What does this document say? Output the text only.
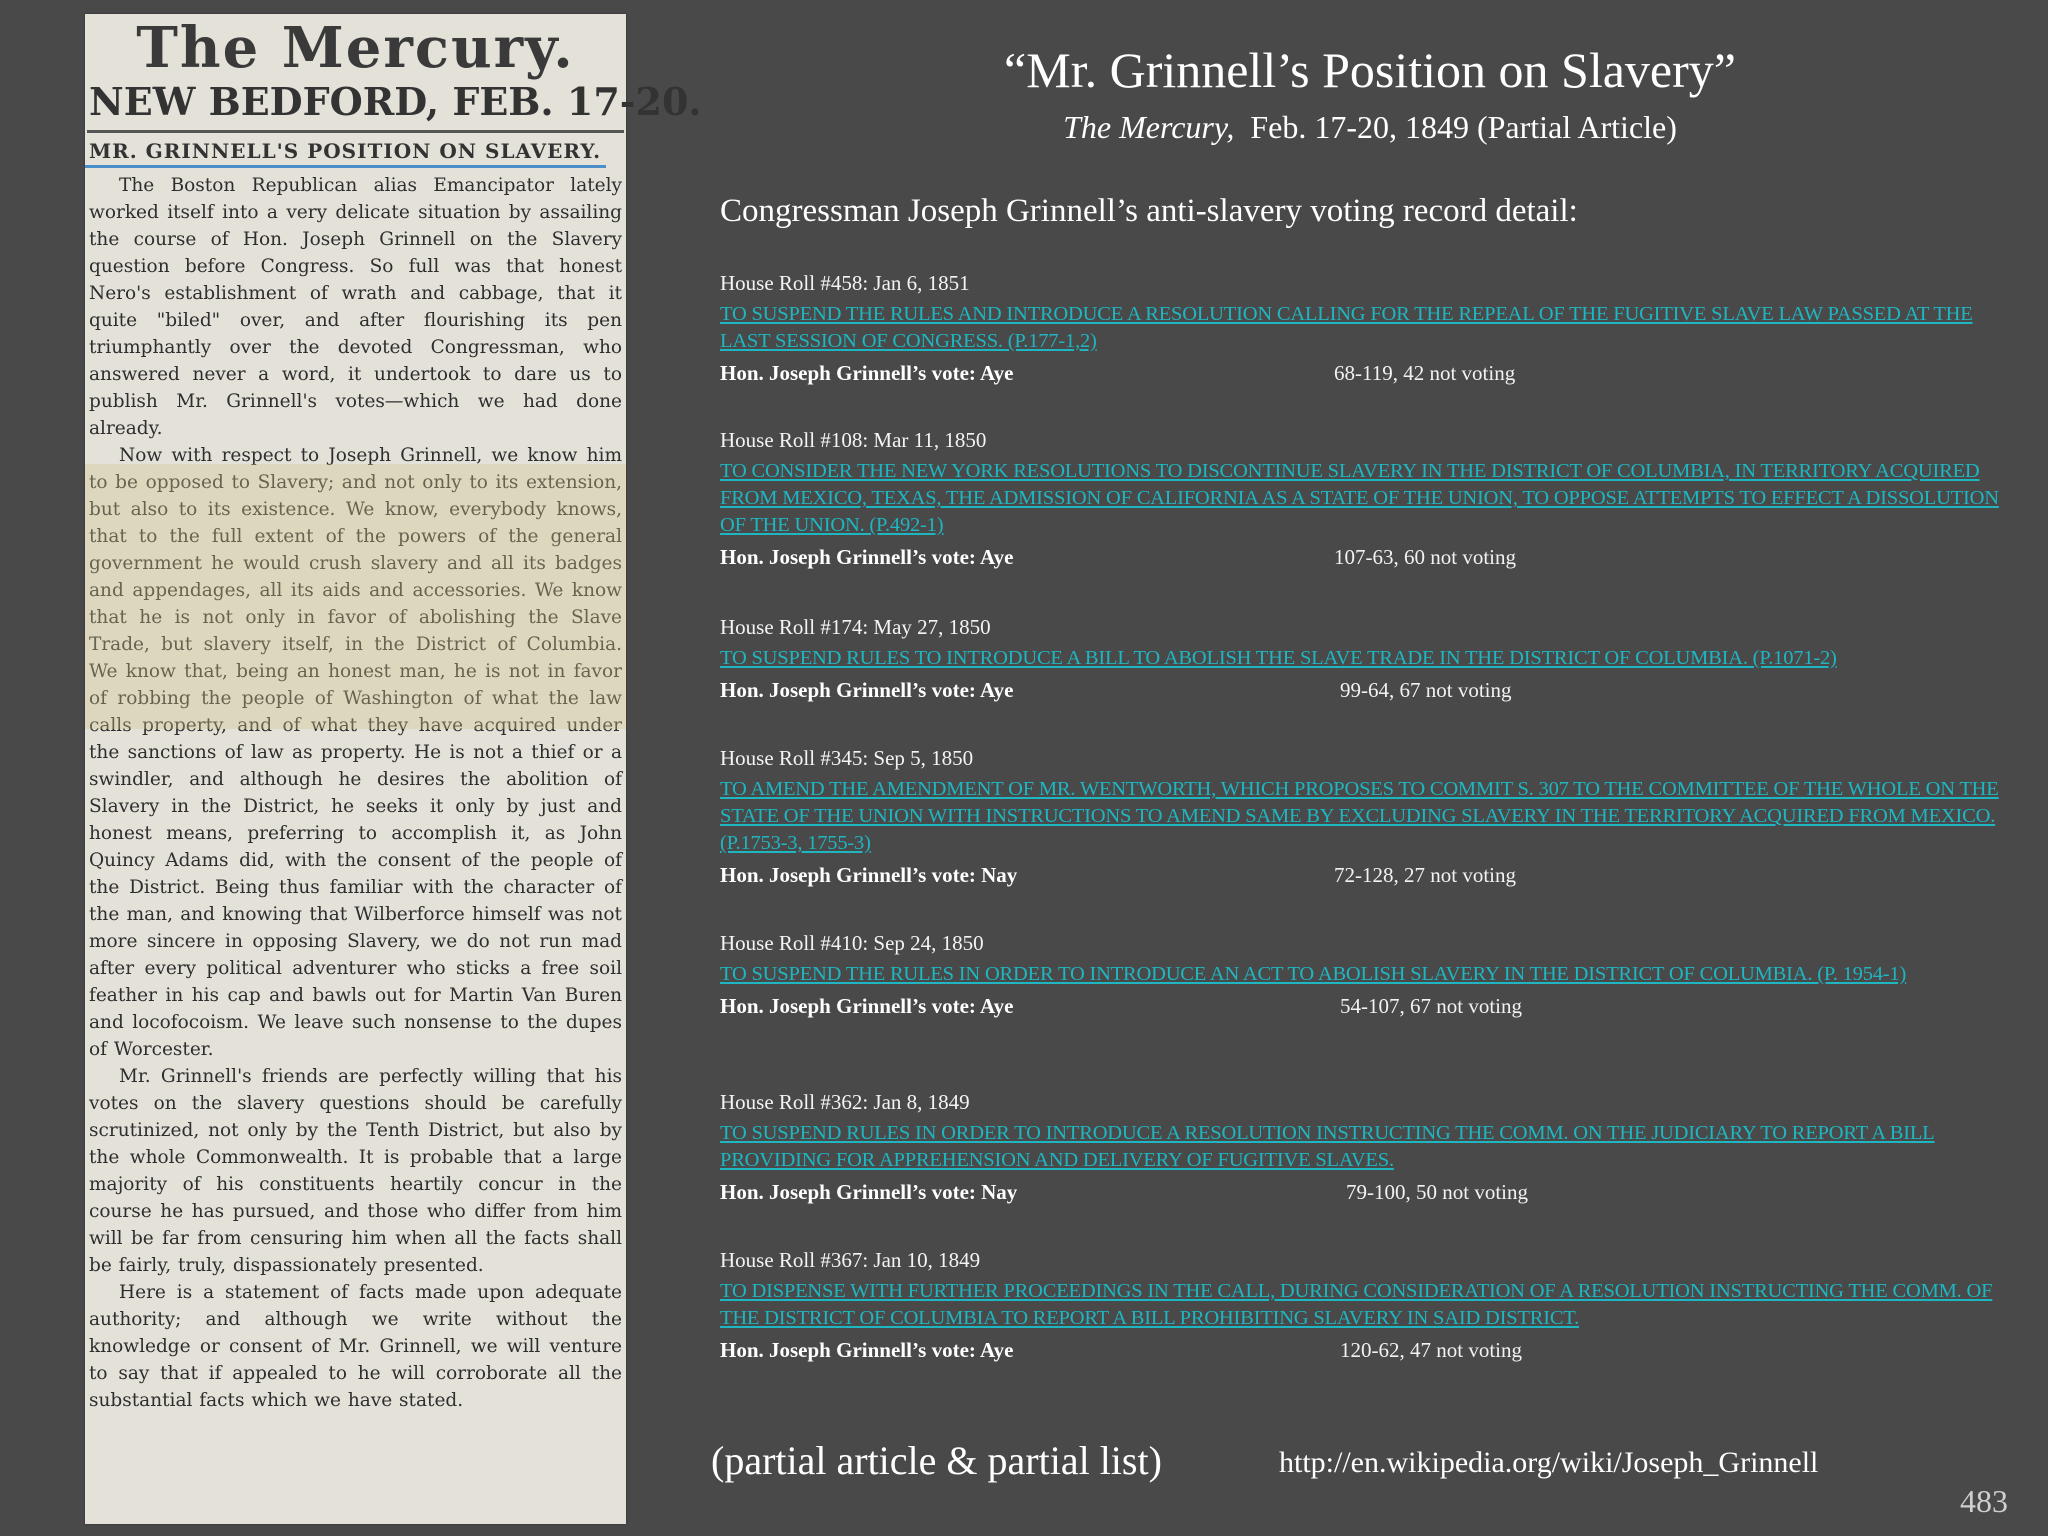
The Mercury.
NEW BEDFORD, FEB. 17-20.
MR. GRINNELL'S POSITION ON SLAVERY.

The Boston Republican alias Emancipator lately worked itself into a very delicate situation by assailing the course of Hon. Joseph Grinnell on the Slavery question before Congress. So full was that honest Nero's establishment of wrath and cabbage, that it quite "biled" over, and after flourishing its pen triumphantly over the devoted Congressman, who answered never a word, it undertook to dare us to publish Mr. Grinnell's votes—which we had done already.

Now with respect to Joseph Grinnell, we know him to be opposed to Slavery; and not only to its extension, but also to its existence. We know, everybody knows, that to the full extent of the powers of the general government he would crush slavery and all its badges and appendages, all its aids and accessories. We know that he is not only in favor of abolishing the Slave Trade, but slavery itself, in the District of Columbia. We know that, being an honest man, he is not in favor of robbing the people of Washington of what the law calls property, and of what they have acquired under the sanctions of law as property. He is not a thief or a swindler, and although he desires the abolition of Slavery in the District, he seeks it only by just and honest means, preferring to accomplish it, as John Quincy Adams did, with the consent of the people of the District. Being thus familiar with the character of the man, and knowing that Wilberforce himself was not more sincere in opposing Slavery, we do not run mad after every political adventurer who sticks a free soil feather in his cap and bawls out for Martin Van Buren and locofocoism. We leave such nonsense to the dupes of Worcester.

Mr. Grinnell's friends are perfectly willing that his votes on the slavery questions should be carefully scrutinized, not only by the Tenth District, but also by the whole Commonwealth. It is probable that a large majority of his constituents heartily concur in the course he has pursued, and those who differ from him will be far from censuring him when all the facts shall be fairly, truly, dispassionately presented.

Here is a statement of facts made upon adequate authority; and although we write without the knowledge or consent of Mr. Grinnell, we will venture to say that if appealed to he will corroborate all the substantial facts which we have stated.

“Mr. Grinnell’s Position on Slavery”
The Mercury, Feb. 17-20, 1849 (Partial Article)
Congressman Joseph Grinnell’s anti-slavery voting record detail:
House Roll #458: Jan 6, 1851
TO SUSPEND THE RULES AND INTRODUCE A RESOLUTION CALLING FOR THE REPEAL OF THE FUGITIVE SLAVE LAW PASSED AT THE LAST SESSION OF CONGRESS. (P.177-1,2)
Hon. Joseph Grinnell’s vote: Aye	68-119, 42 not voting
House Roll #108: Mar 11, 1850
TO CONSIDER THE NEW YORK RESOLUTIONS TO DISCONTINUE SLAVERY IN THE DISTRICT OF COLUMBIA, IN TERRITORY ACQUIRED FROM MEXICO, TEXAS, THE ADMISSION OF CALIFORNIA AS A STATE OF THE UNION, TO OPPOSE ATTEMPTS TO EFFECT A DISSOLUTION OF THE UNION. (P.492-1)
Hon. Joseph Grinnell’s vote: Aye	107-63, 60 not voting
House Roll #174: May 27, 1850
TO SUSPEND RULES TO INTRODUCE A BILL TO ABOLISH THE SLAVE TRADE IN THE DISTRICT OF COLUMBIA. (P.1071-2)
Hon. Joseph Grinnell’s vote: Aye	99-64, 67 not voting
House Roll #345: Sep 5, 1850
TO AMEND THE AMENDMENT OF MR. WENTWORTH, WHICH PROPOSES TO COMMIT S. 307 TO THE COMMITTEE OF THE WHOLE ON THE STATE OF THE UNION WITH INSTRUCTIONS TO AMEND SAME BY EXCLUDING SLAVERY IN THE TERRITORY ACQUIRED FROM MEXICO. (P.1753-3, 1755-3)
Hon. Joseph Grinnell’s vote: Nay	72-128, 27 not voting
House Roll #410: Sep 24, 1850
TO SUSPEND THE RULES IN ORDER TO INTRODUCE AN ACT TO ABOLISH SLAVERY IN THE DISTRICT OF COLUMBIA. (P. 1954-1)
Hon. Joseph Grinnell’s vote: Aye	54-107, 67 not voting
House Roll #362: Jan 8, 1849
TO SUSPEND RULES IN ORDER TO INTRODUCE A RESOLUTION INSTRUCTING THE COMM. ON THE JUDICIARY TO REPORT A BILL PROVIDING FOR APPREHENSION AND DELIVERY OF FUGITIVE SLAVES.
Hon. Joseph Grinnell’s vote: Nay	79-100, 50 not voting
House Roll #367: Jan 10, 1849
TO DISPENSE WITH FURTHER PROCEEDINGS IN THE CALL, DURING CONSIDERATION OF A RESOLUTION INSTRUCTING THE COMM. OF THE DISTRICT OF COLUMBIA TO REPORT A BILL PROHIBITING SLAVERY IN SAID DISTRICT.
Hon. Joseph Grinnell’s vote: Aye	120-62, 47 not voting
(partial article & partial list)	http://en.wikipedia.org/wiki/Joseph_Grinnell
483
